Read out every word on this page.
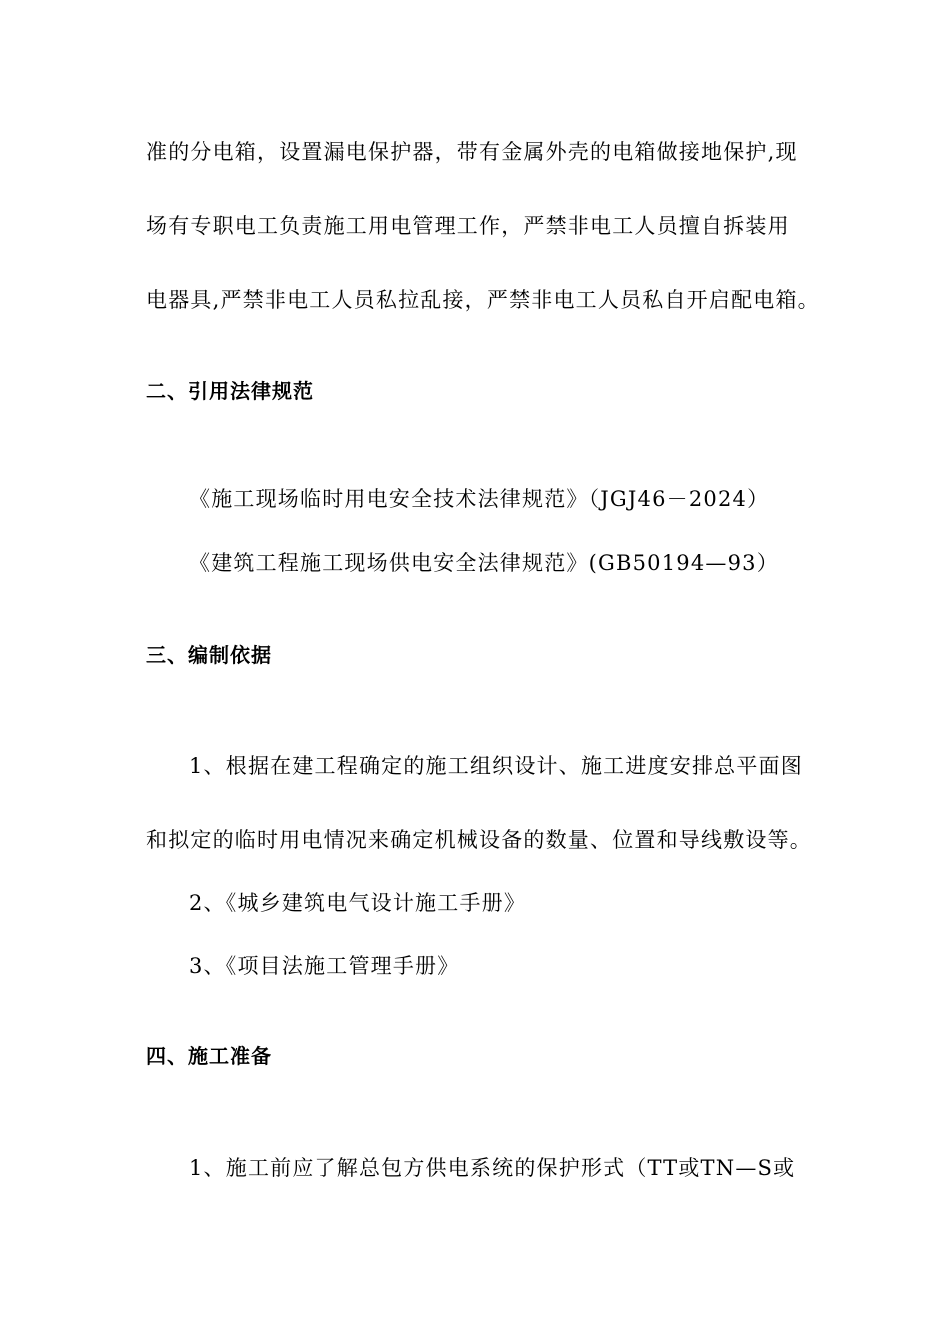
准的分电箱，设置漏电保护器，带有金属外壳的电箱做接地保护,现
场有专职电工负责施工用电管理工作，严禁非电工人员擅自拆装用
电器具,严禁非电工人员私拉乱接，严禁非电工人员私自开启配电箱。
二、引用法律规范
《施工现场临时用电安全技术法律规范》（JGJ46－2024）
《建筑工程施工现场供电安全法律规范》(GB50194—93）
三、编制依据
1、根据在建工程确定的施工组织设计、施工进度安排总平面图
和拟定的临时用电情况来确定机械设备的数量、位置和导线敷设等。
2、《城乡建筑电气设计施工手册》
3、《项目法施工管理手册》
四、施工准备
1、施工前应了解总包方供电系统的保护形式（TT或TN—S或
